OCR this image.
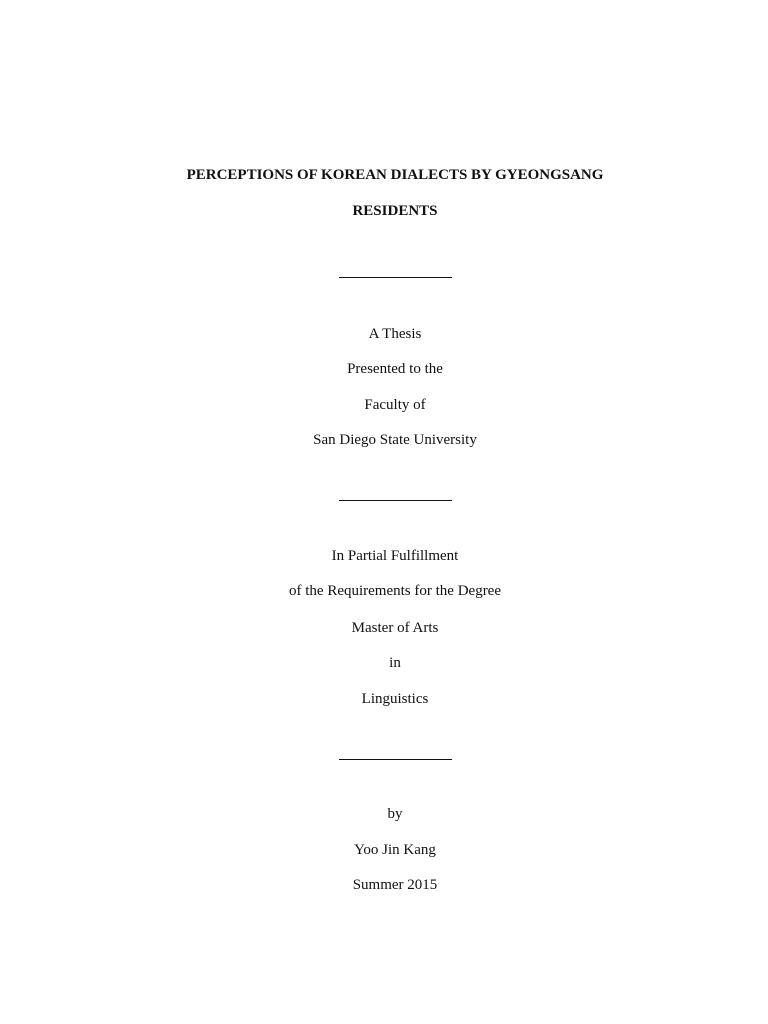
PERCEPTIONS OF KOREAN DIALECTS BY GYEONGSANG
RESIDENTS
A Thesis
Presented to the
Faculty of
San Diego State University
In Partial Fulfillment
of the Requirements for the Degree
Master of Arts
in
Linguistics
by
Yoo Jin Kang
Summer 2015
